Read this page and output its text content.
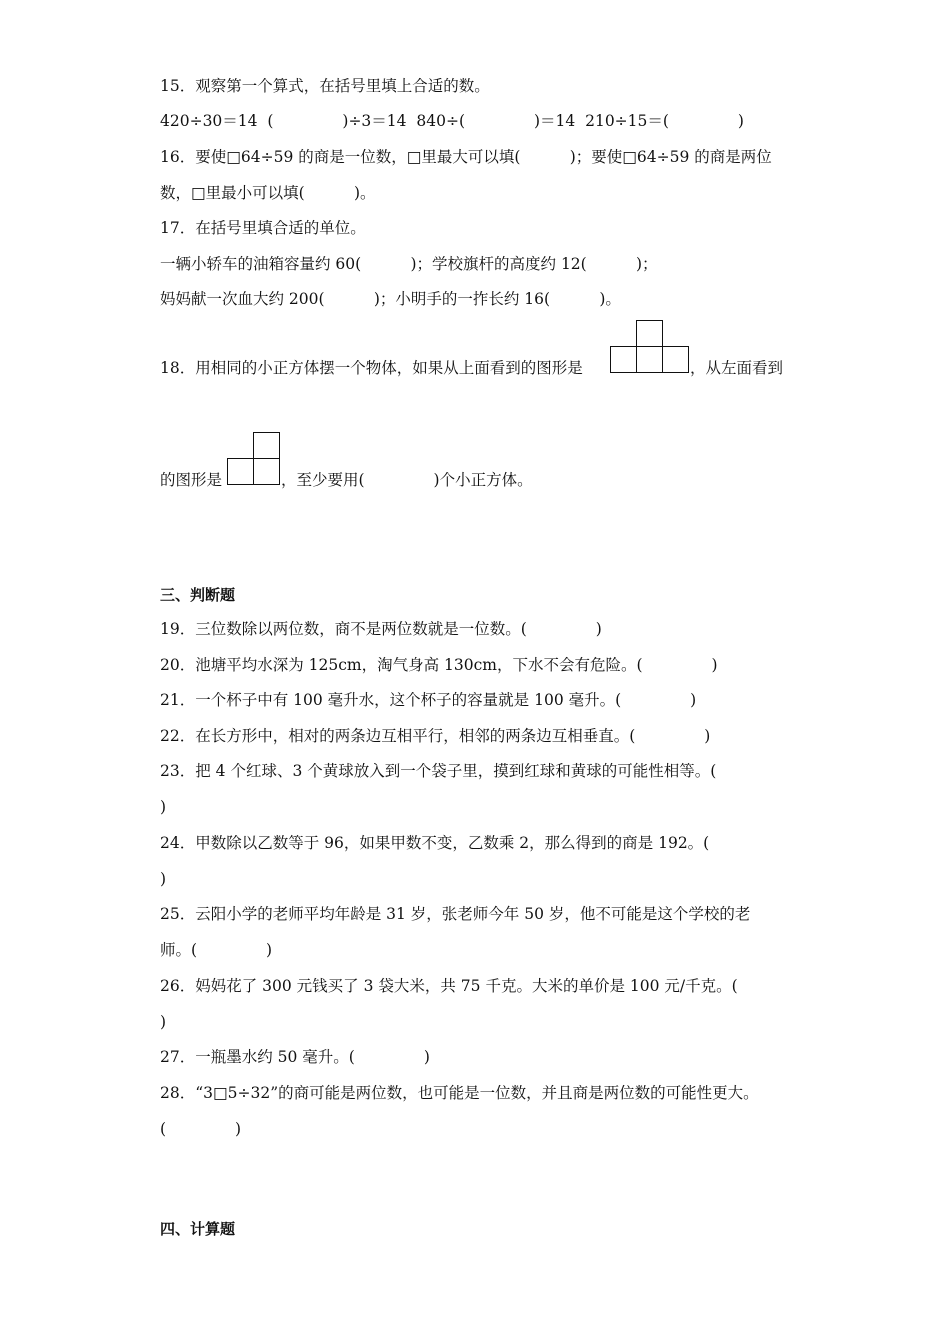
15．观察第一个算式，在括号里填上合适的数。
420÷30＝14  (              )÷3＝14  840÷(              )＝14  210÷15＝(              )
16．要使□64÷59 的商是一位数，□里最大可以填(          )；要使□64÷59 的商是两位
数，□里最小可以填(          )。
17．在括号里填合适的单位。
一辆小轿车的油箱容量约 60(          )；学校旗杆的高度约 12(          )；
妈妈献一次血大约 200(          )；小明手的一拃长约 16(          )。
18．用相同的小正方体摆一个物体，如果从上面看到的图形是	，从左面看到
的图形是	，至少要用(              )个小正方体。
三、判断题
19．三位数除以两位数，商不是两位数就是一位数。(              )
20．池塘平均水深为 125cm，淘气身高 130cm，下水不会有危险。(              )
21．一个杯子中有 100 毫升水，这个杯子的容量就是 100 毫升。(              )
22．在长方形中，相对的两条边互相平行，相邻的两条边互相垂直。(              )
23．把 4 个红球、3 个黄球放入到一个袋子里，摸到红球和黄球的可能性相等。(
)
24．甲数除以乙数等于 96，如果甲数不变，乙数乘 2，那么得到的商是 192。(
)
25．云阳小学的老师平均年龄是 31 岁，张老师今年 50 岁，他不可能是这个学校的老
师。(              )
26．妈妈花了 300 元钱买了 3 袋大米，共 75 千克。大米的单价是 100 元/千克。(
)
27．一瓶墨水约 50 毫升。(              )
28．“3□5÷32”的商可能是两位数，也可能是一位数，并且商是两位数的可能性更大。
(              )
四、计算题
